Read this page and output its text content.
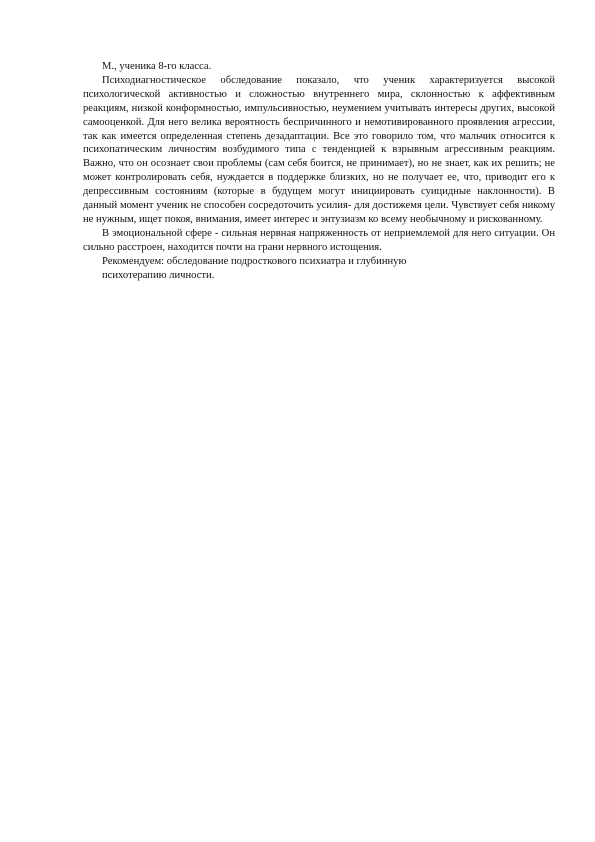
М., ученика 8-го класса.

Психодиагностическое обследование показало, что ученик характеризуется высокой психологической активностью и сложностью внутреннего мира, склонностью к аффективным реакциям, низкой конформностью, импульсивностью, неумением учитывать интересы других, высокой самооценкой. Для него велика вероятность беспричинного и немотивированного проявления агрессии, так как имеется определенная степень дезадаптации. Все это говорило том, что мальчик относится к психопатическим личностям возбудимого типа с тенденцией к взрывным агрессивным реакциям. Важно, что он осознает свои проблемы (сам себя боится, не принимает), но не знает, как их решить; не может контролировать себя, нуждается в поддержке близких, но не получает ее, что, приводит его к депрессивным состояниям (которые в будущем могут инициировать суицидные наклонности). В данный момент ученик не способен сосредоточить усилия- для достижемя цели. Чувствует себя никому не нужным, ищет покоя, внимания, имеет интерес и энтузиазм ко всему необычному и рискованному.

В эмоциональной сфере - сильная нервная напряженность от неприемлемой для него ситуации. Он сильно расстроен, находится почти на грани нервного истощения.

Рекомендуем: обследование подросткового психиатра и глубинную

психотерапию личности.
